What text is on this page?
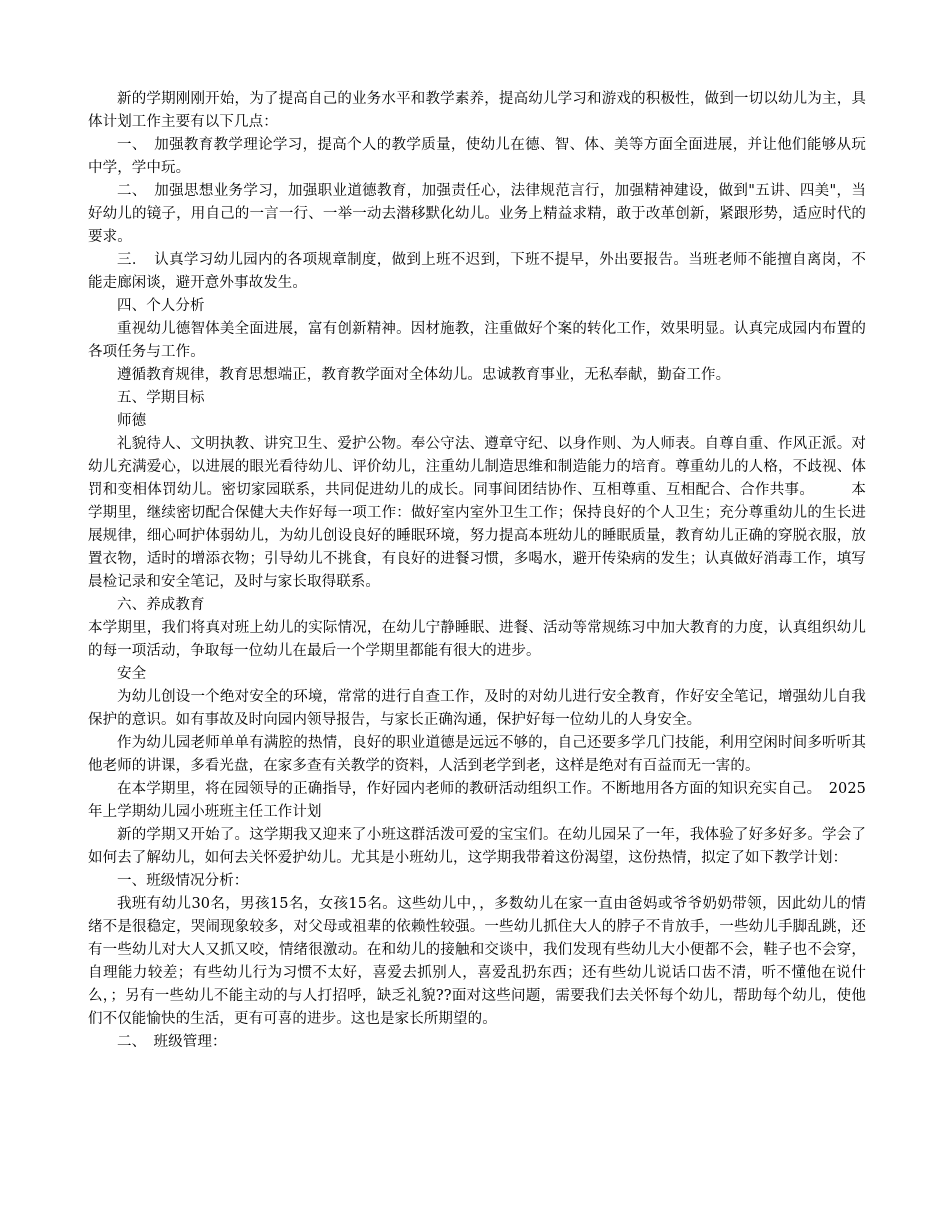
新的学期刚刚开始，为了提高自己的业务水平和教学素养，提高幼儿学习和游戏的积极性，做到一切以幼儿为主，具体计划工作主要有以下几点：

一、　加强教育教学理论学习，提高个人的教学质量，使幼儿在德、智、体、美等方面全面进展，并让他们能够从玩中学，学中玩。

二、　加强思想业务学习，加强职业道德教育，加强责任心，法律规范言行，加强精神建设，做到"五讲、四美"，当好幼儿的镜子，用自己的一言一行、一举一动去潜移默化幼儿。业务上精益求精，敢于改革创新，紧跟形势，适应时代的要求。

三．　认真学习幼儿园内的各项规章制度，做到上班不迟到，下班不提早，外出要报告。当班老师不能擅自离岗，不能走廊闲谈，避开意外事故发生。

四、个人分析

重视幼儿德智体美全面进展，富有创新精神。因材施教，注重做好个案的转化工作，效果明显。认真完成园内布置的各项任务与工作。

遵循教育规律，教育思想端正，教育教学面对全体幼儿。忠诚教育事业，无私奉献，勤奋工作。

五、学期目标

师德

礼貌待人、文明执教、讲究卫生、爱护公物。奉公守法、遵章守纪、以身作则、为人师表。自尊自重、作风正派。对幼儿充满爱心，以进展的眼光看待幼儿、评价幼儿，注重幼儿制造思维和制造能力的培育。尊重幼儿的人格，不歧视、体罚和变相体罚幼儿。密切家园联系，共同促进幼儿的成长。同事间团结协作、互相尊重、互相配合、合作共事。　　　本学期里，继续密切配合保健大夫作好每一项工作：做好室内室外卫生工作；保持良好的个人卫生；充分尊重幼儿的生长进展规律，细心呵护体弱幼儿，为幼儿创设良好的睡眠环境，努力提高本班幼儿的睡眠质量，教育幼儿正确的穿脱衣服，放置衣物，适时的增添衣物；引导幼儿不挑食，有良好的进餐习惯，多喝水，避开传染病的发生；认真做好消毒工作，填写晨检记录和安全笔记，及时与家长取得联系。

六、养成教育

本学期里，我们将真对班上幼儿的实际情况，在幼儿宁静睡眠、进餐、活动等常规练习中加大教育的力度，认真组织幼儿的每一项活动，争取每一位幼儿在最后一个学期里都能有很大的进步。

安全

为幼儿创设一个绝对安全的环境，常常的进行自查工作，及时的对幼儿进行安全教育，作好安全笔记，增强幼儿自我保护的意识。如有事故及时向园内领导报告，与家长正确沟通，保护好每一位幼儿的人身安全。

作为幼儿园老师单单有满腔的热情，良好的职业道德是远远不够的，自己还要多学几门技能，利用空闲时间多听听其他老师的讲课，多看光盘，在家多查有关教学的资料，人活到老学到老，这样是绝对有百益而无一害的。

在本学期里，将在园领导的正确指导，作好园内老师的教研活动组织工作。不断地用各方面的知识充实自己。　2025年上学期幼儿园小班班主任工作计划

新的学期又开始了。这学期我又迎来了小班这群活泼可爱的宝宝们。在幼儿园呆了一年，我体验了好多好多。学会了如何去了解幼儿，如何去关怀爱护幼儿。尤其是小班幼儿，这学期我带着这份渴望，这份热情，拟定了如下教学计划：

一、班级情况分析：

我班有幼儿30名，男孩15名，女孩15名。这些幼儿中，，多数幼儿在家一直由爸妈或爷爷奶奶带领，因此幼儿的情绪不是很稳定，哭闹现象较多，对父母或祖辈的依赖性较强。一些幼儿抓住大人的脖子不肯放手，一些幼儿手脚乱跳，还有一些幼儿对大人又抓又咬，情绪很激动。在和幼儿的接触和交谈中，我们发现有些幼儿大小便都不会，鞋子也不会穿，自理能力较差；有些幼儿行为习惯不太好，喜爱去抓别人，喜爱乱扔东西；还有些幼儿说话口齿不清，听不懂他在说什么，；另有一些幼儿不能主动的与人打招呼，缺乏礼貌??面对这些问题，需要我们去关怀每个幼儿，帮助每个幼儿，使他们不仅能愉快的生活，更有可喜的进步。这也是家长所期望的。

二、　班级管理：
